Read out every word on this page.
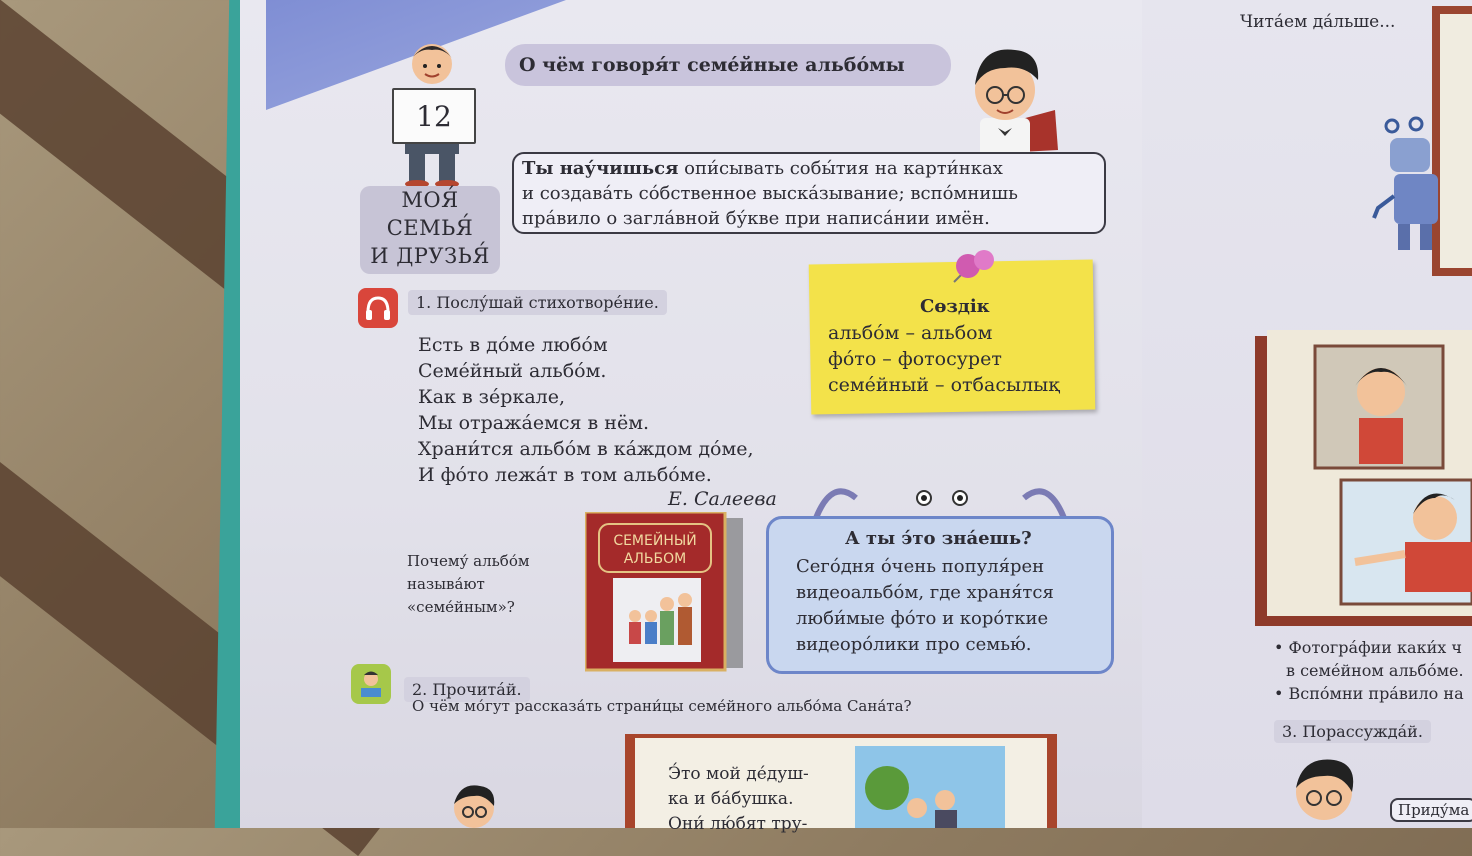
О чём говоря́т семе́йные альбо́мы
12
МОЯ́
СЕМЬЯ́
И ДРУЗЬЯ́
Ты нау́чишься опи́сывать собы́тия на карти́нках
и создава́ть со́бственное выска́зывание; вспо́мнишь
пра́вило о загла́вной бу́кве при написа́нии имён.
1. Послу́шай стихотворе́ние.
Есть в до́ме любо́м
Семе́йный альбо́м.
Как в зе́ркале,
Мы отража́емся в нём.
Храни́тся альбо́м в ка́ждом до́ме,
И фо́то лежа́т в том альбо́ме.
Е. Салеева
Сөздік
альбо́м – альбом
фо́то – фотосурет
семе́йный – отбасылық
Почему́ альбо́м
называ́ют
«семе́йным»?
СЕМЕЙНЫЙ
АЛЬБОМ
А ты э́то зна́ешь?
Сего́дня о́чень популя́рен
видеоальбо́м, где храня́тся
люби́мые фо́то и коро́ткие
видеоро́лики про семью́.
2. Прочита́й.
О чём мо́гут рассказа́ть страни́цы семе́йного альбо́ма Сана́та?
Э́то мой де́душ-
ка и ба́бушка.
Они́ лю́бят тру-
Чита́ем да́льше...
• Фотогра́фии каки́х ч
в семе́йном альбо́ме.
• Вспо́мни пра́вило на
3. Порассужда́й.
Приду́ма
